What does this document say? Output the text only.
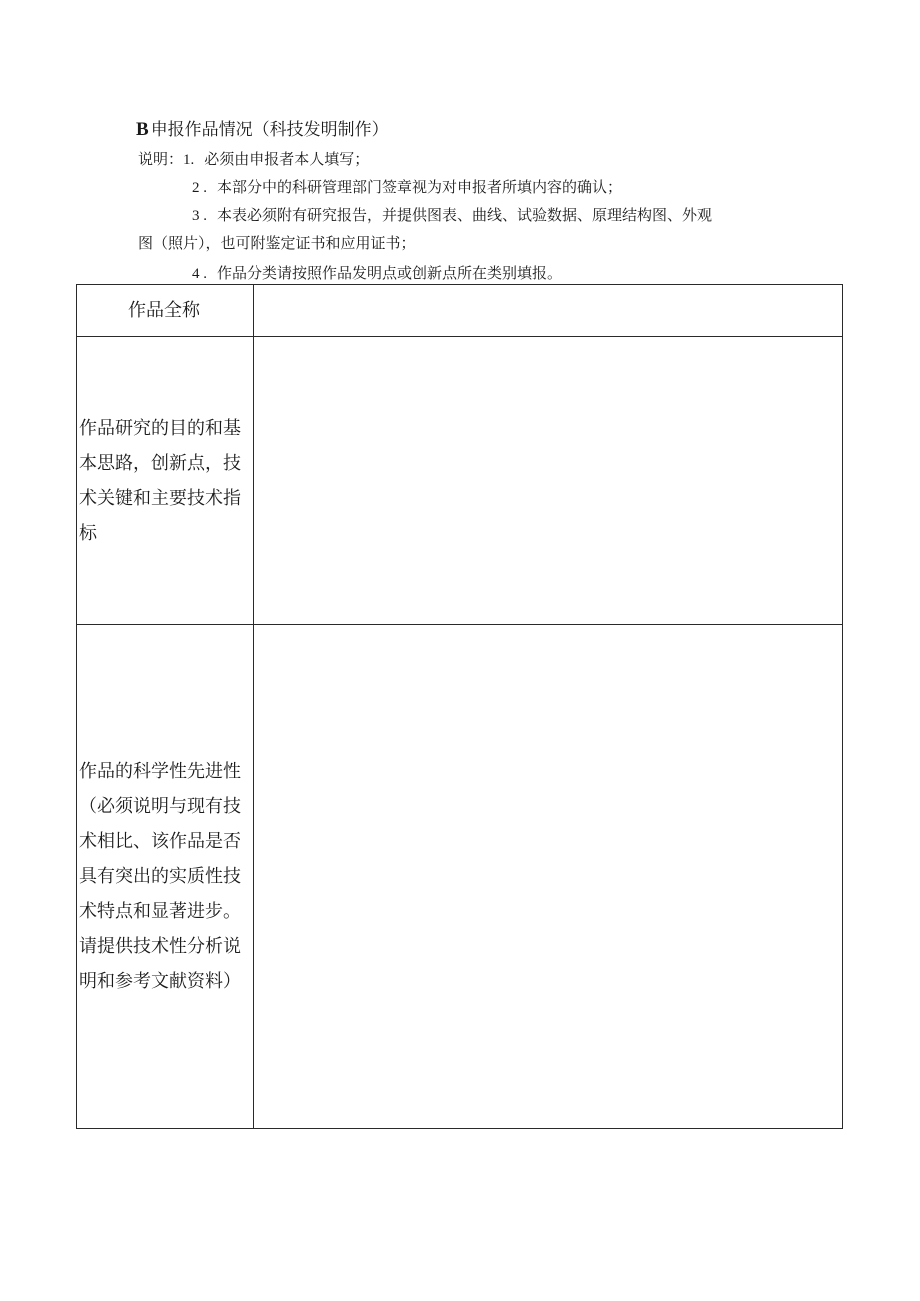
B 申报作品情况（科技发明制作）
说明：1. 必须由申报者本人填写；
2 . 本部分中的科研管理部门签章视为对申报者所填内容的确认；
3 . 本表必须附有研究报告，并提供图表、曲线、试验数据、原理结构图、外观
图（照片），也可附鉴定证书和应用证书；
4 . 作品分类请按照作品发明点或创新点所在类别填报。
作品全称	
作品研究的目的和基本思路，创新点，技术关键和主要技术指标	
作品的科学性先进性（必须说明与现有技术相比、该作品是否具有突出的实质性技术特点和显著进步。请提供技术性分析说明和参考文献资料）	
